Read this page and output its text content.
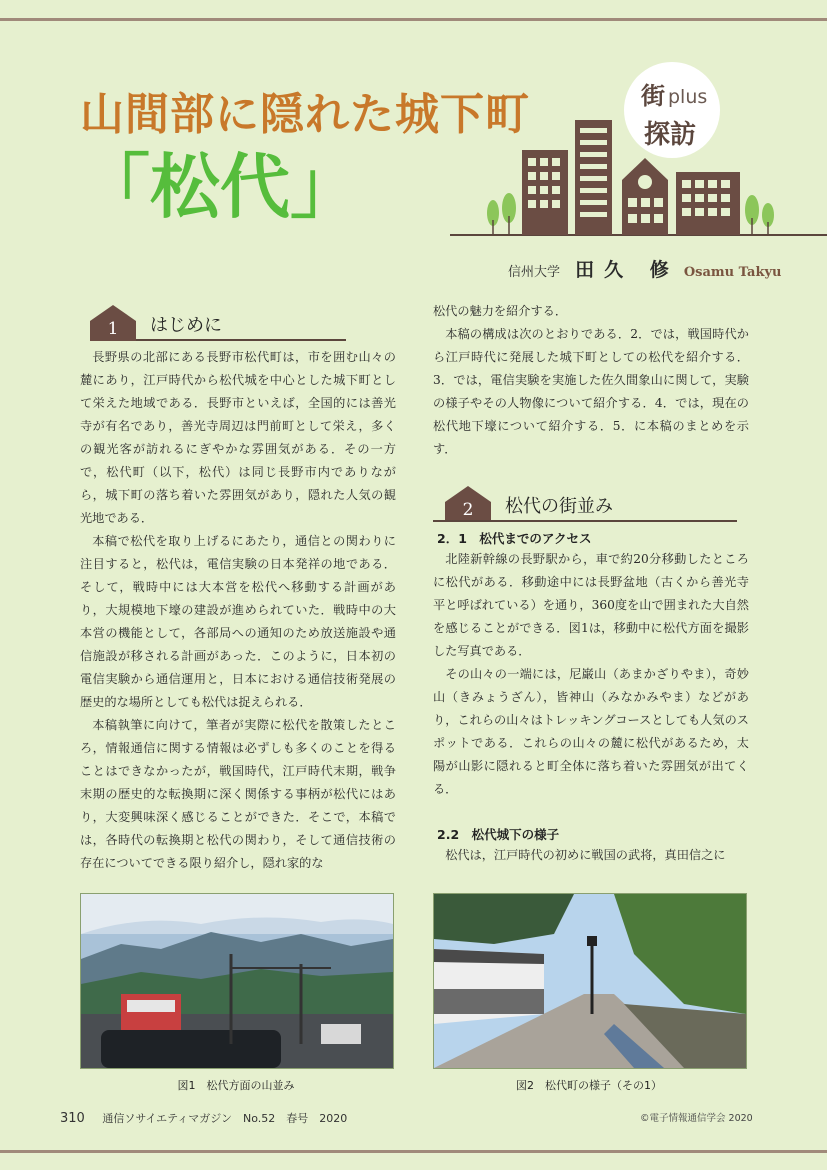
山間部に隠れた城下町
「松代」
街 plus
探訪
信州大学 田久 修 Osamu Takyu
1	はじめに

長野県の北部にある長野市松代町は，市を囲む山々の麓にあり，江戸時代から松代城を中心とした城下町として栄えた地域である．長野市といえば，全国的には善光寺が有名であり，善光寺周辺は門前町として栄え，多くの観光客が訪れるにぎやかな雰囲気がある．その一方で，松代町（以下，松代）は同じ長野市内でありながら，城下町の落ち着いた雰囲気があり，隠れた人気の観光地である．

本稿で松代を取り上げるにあたり，通信との関わりに注目すると，松代は，電信実験の日本発祥の地である．そして，戦時中には大本営を松代へ移動する計画があり，大規模地下壕の建設が進められていた．戦時中の大本営の機能として，各部局への通知のため放送施設や通信施設が移される計画があった．このように，日本初の電信実験から通信運用と，日本における通信技術発展の歴史的な場所としても松代は捉えられる．

本稿執筆に向けて，筆者が実際に松代を散策したところ，情報通信に関する情報は必ずしも多くのことを得ることはできなかったが，戦国時代，江戸時代末期，戦争末期の歴史的な転換期に深く関係する事柄が松代にはあり，大変興味深く感じることができた．そこで，本稿では，各時代の転換期と松代の関わり，そして通信技術の存在についてできる限り紹介し，隠れ家的な

松代の魅力を紹介する．

本稿の構成は次のとおりである．2．では，戦国時代から江戸時代に発展した城下町としての松代を紹介する．3．では，電信実験を実施した佐久間象山に関して，実験の様子やその人物像について紹介する．4．では，現在の松代地下壕について紹介する．5．に本稿のまとめを示す．

2	松代の街並み
2．1　松代までのアクセス

北陸新幹線の長野駅から，車で約20分移動したところに松代がある．移動途中には長野盆地（古くから善光寺平と呼ばれている）を通り，360度を山で囲まれた大自然を感じることができる．図1は，移動中に松代方面を撮影した写真である．

その山々の一端には，尼巌山（あまかざりやま），奇妙山（きみょうざん），皆神山（みなかみやま）などがあり，これらの山々はトレッキングコースとしても人気のスポットである．これらの山々の麓に松代があるため，太陽が山影に隠れると町全体に落ち着いた雰囲気が出てくる．

2.2　松代城下の様子

松代は，江戸時代の初めに戦国の武将，真田信之に

図1　松代方面の山並み	図2　松代町の様子（その1）
310 通信ソサイエティマガジン　No.52　春号　2020	©電子情報通信学会 2020
